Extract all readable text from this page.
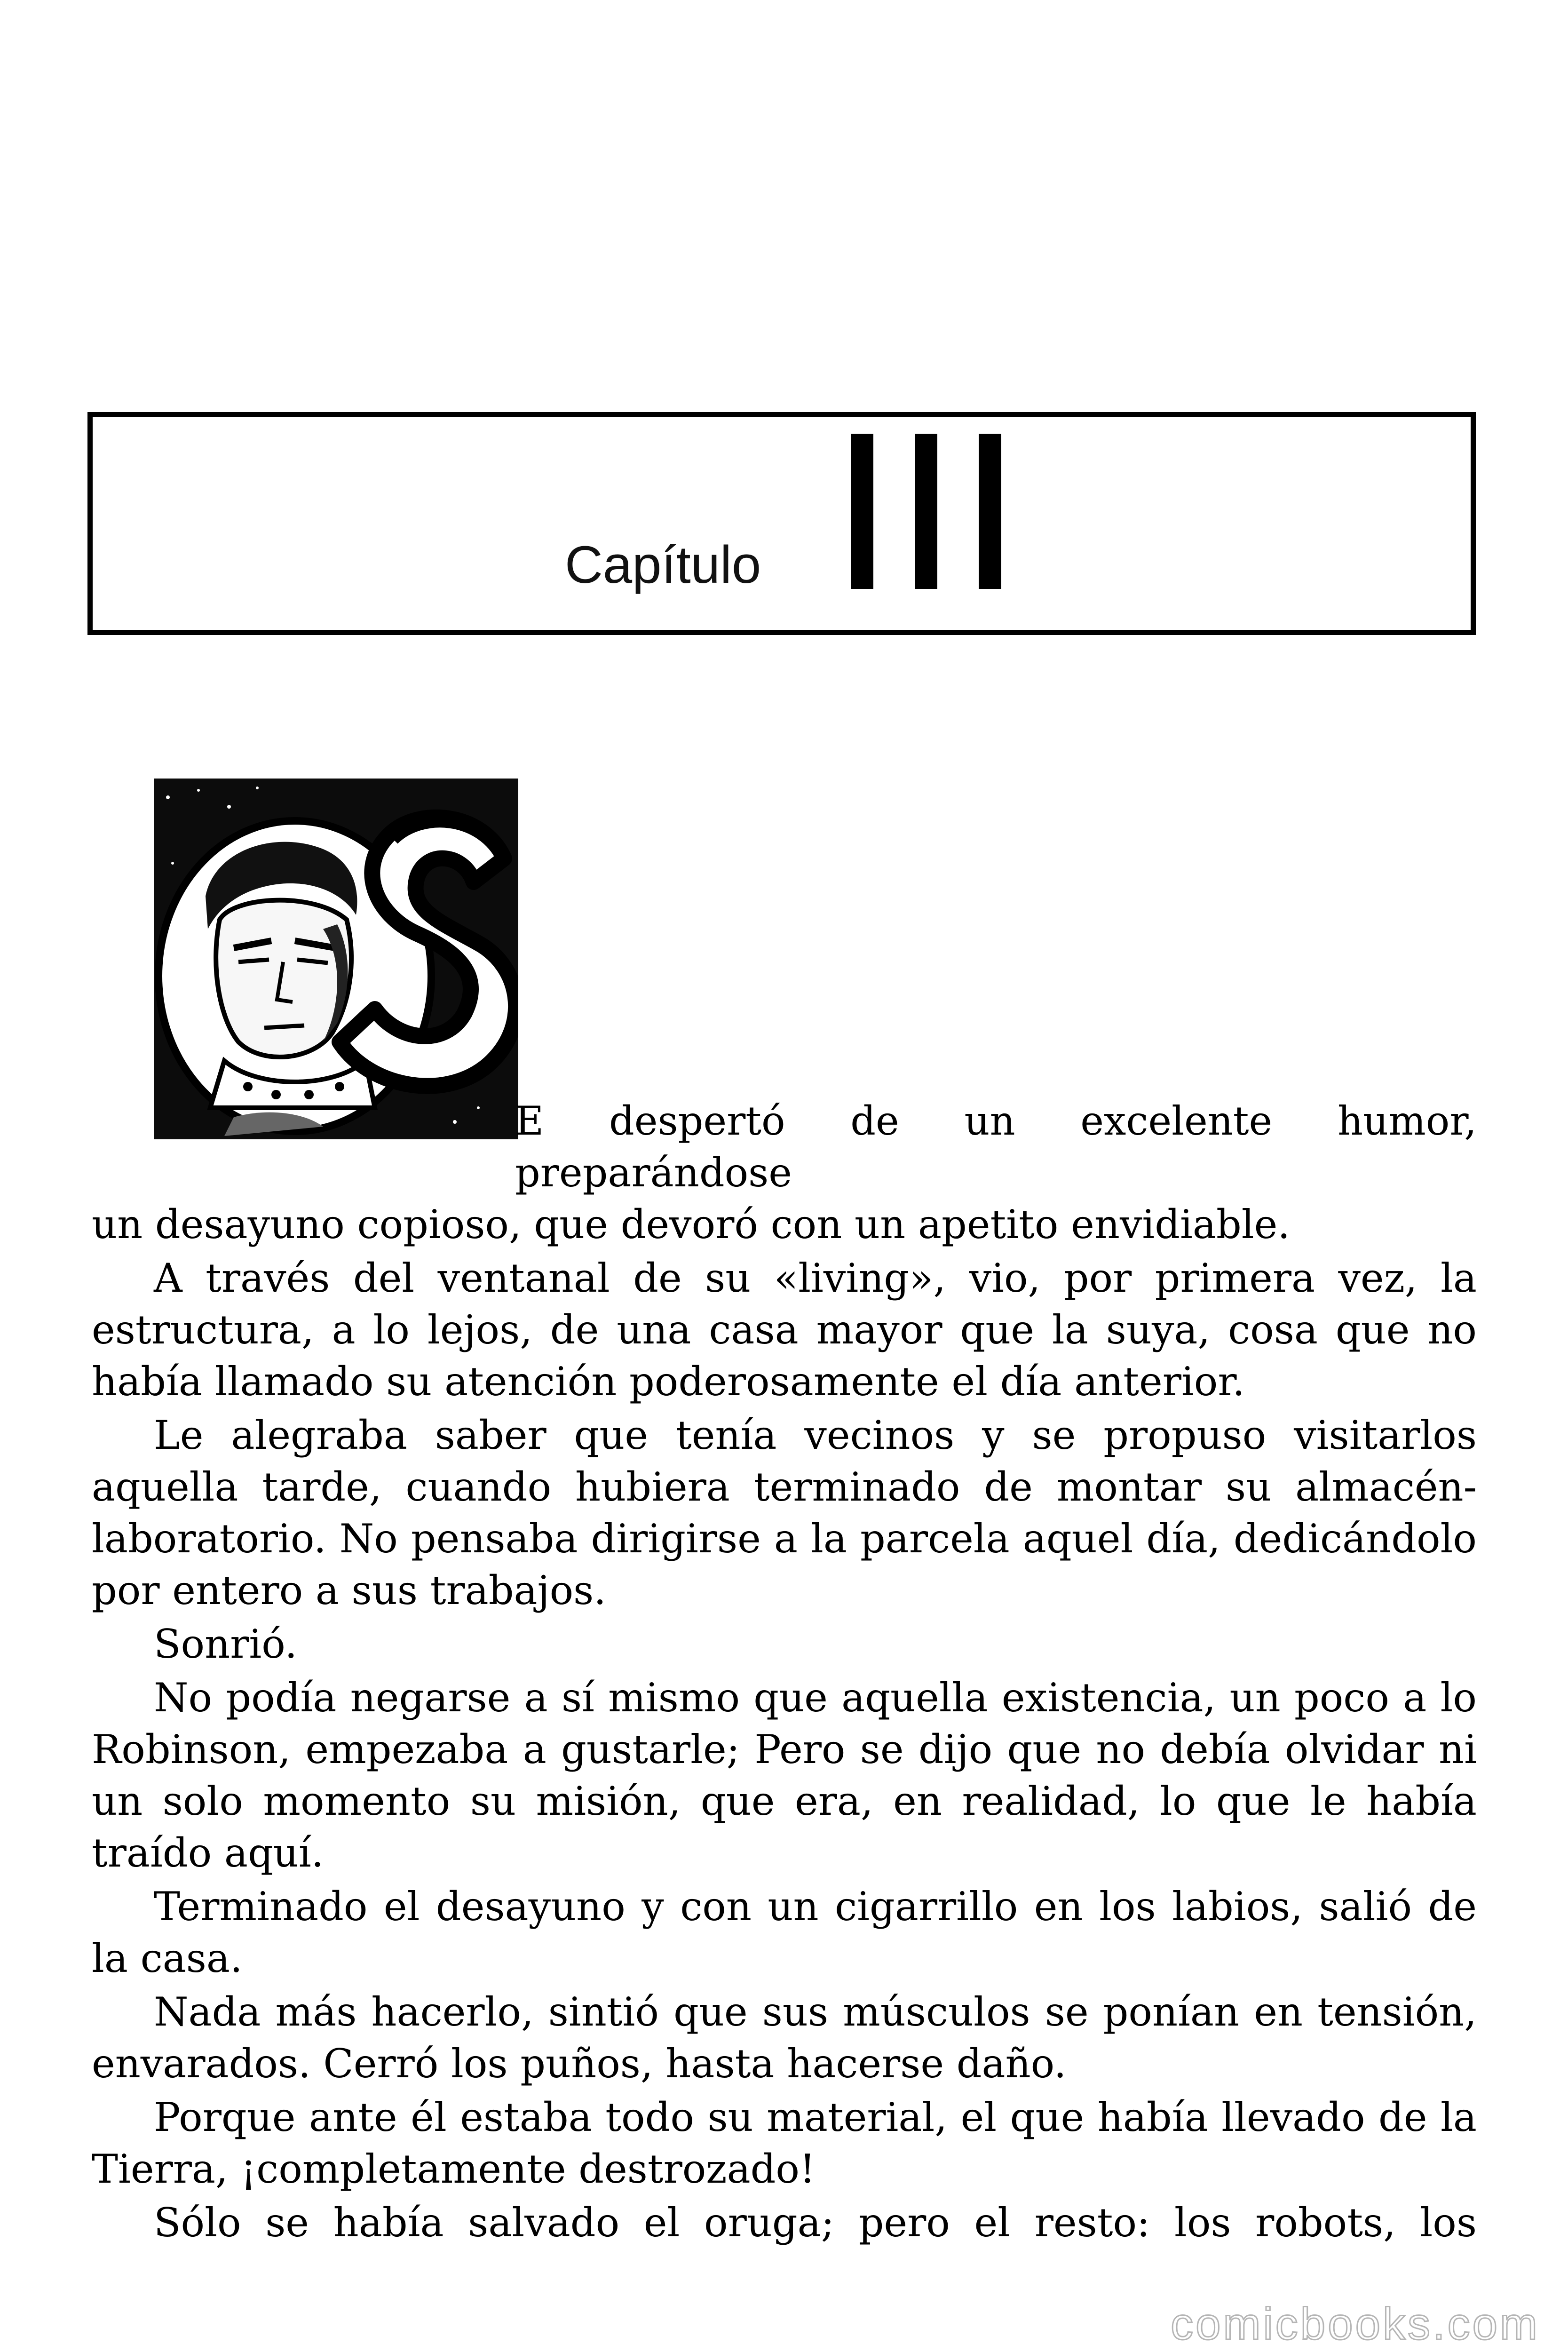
Capítulo

E despertó de un excelente humor, preparándose
un desayuno copioso, que devoró con un apetito envidiable.

A través del ventanal de su «living», vio, por primera vez, la estructura, a lo lejos, de una casa mayor que la suya, cosa que no había llamado su atención poderosamente el día anterior.

Le alegraba saber que tenía vecinos y se propuso visitarlos aquella tarde, cuando hubiera terminado de montar su almacén-laboratorio. No pensaba dirigirse a la parcela aquel día, dedicándolo por entero a sus trabajos.

Sonrió.

No podía negarse a sí mismo que aquella existencia, un poco a lo Robinson, empezaba a gustarle; Pero se dijo que no debía olvidar ni un solo momento su misión, que era, en realidad, lo que le había traído aquí.

Terminado el desayuno y con un cigarrillo en los labios, salió de la casa.

Nada más hacerlo, sintió que sus músculos se ponían en tensión, envarados. Cerró los puños, hasta hacerse daño.

Porque ante él estaba todo su material, el que había llevado de la Tierra, ¡completamente destrozado!

Sólo se había salvado el oruga; pero el resto: los robots, los

comicbooks.com
